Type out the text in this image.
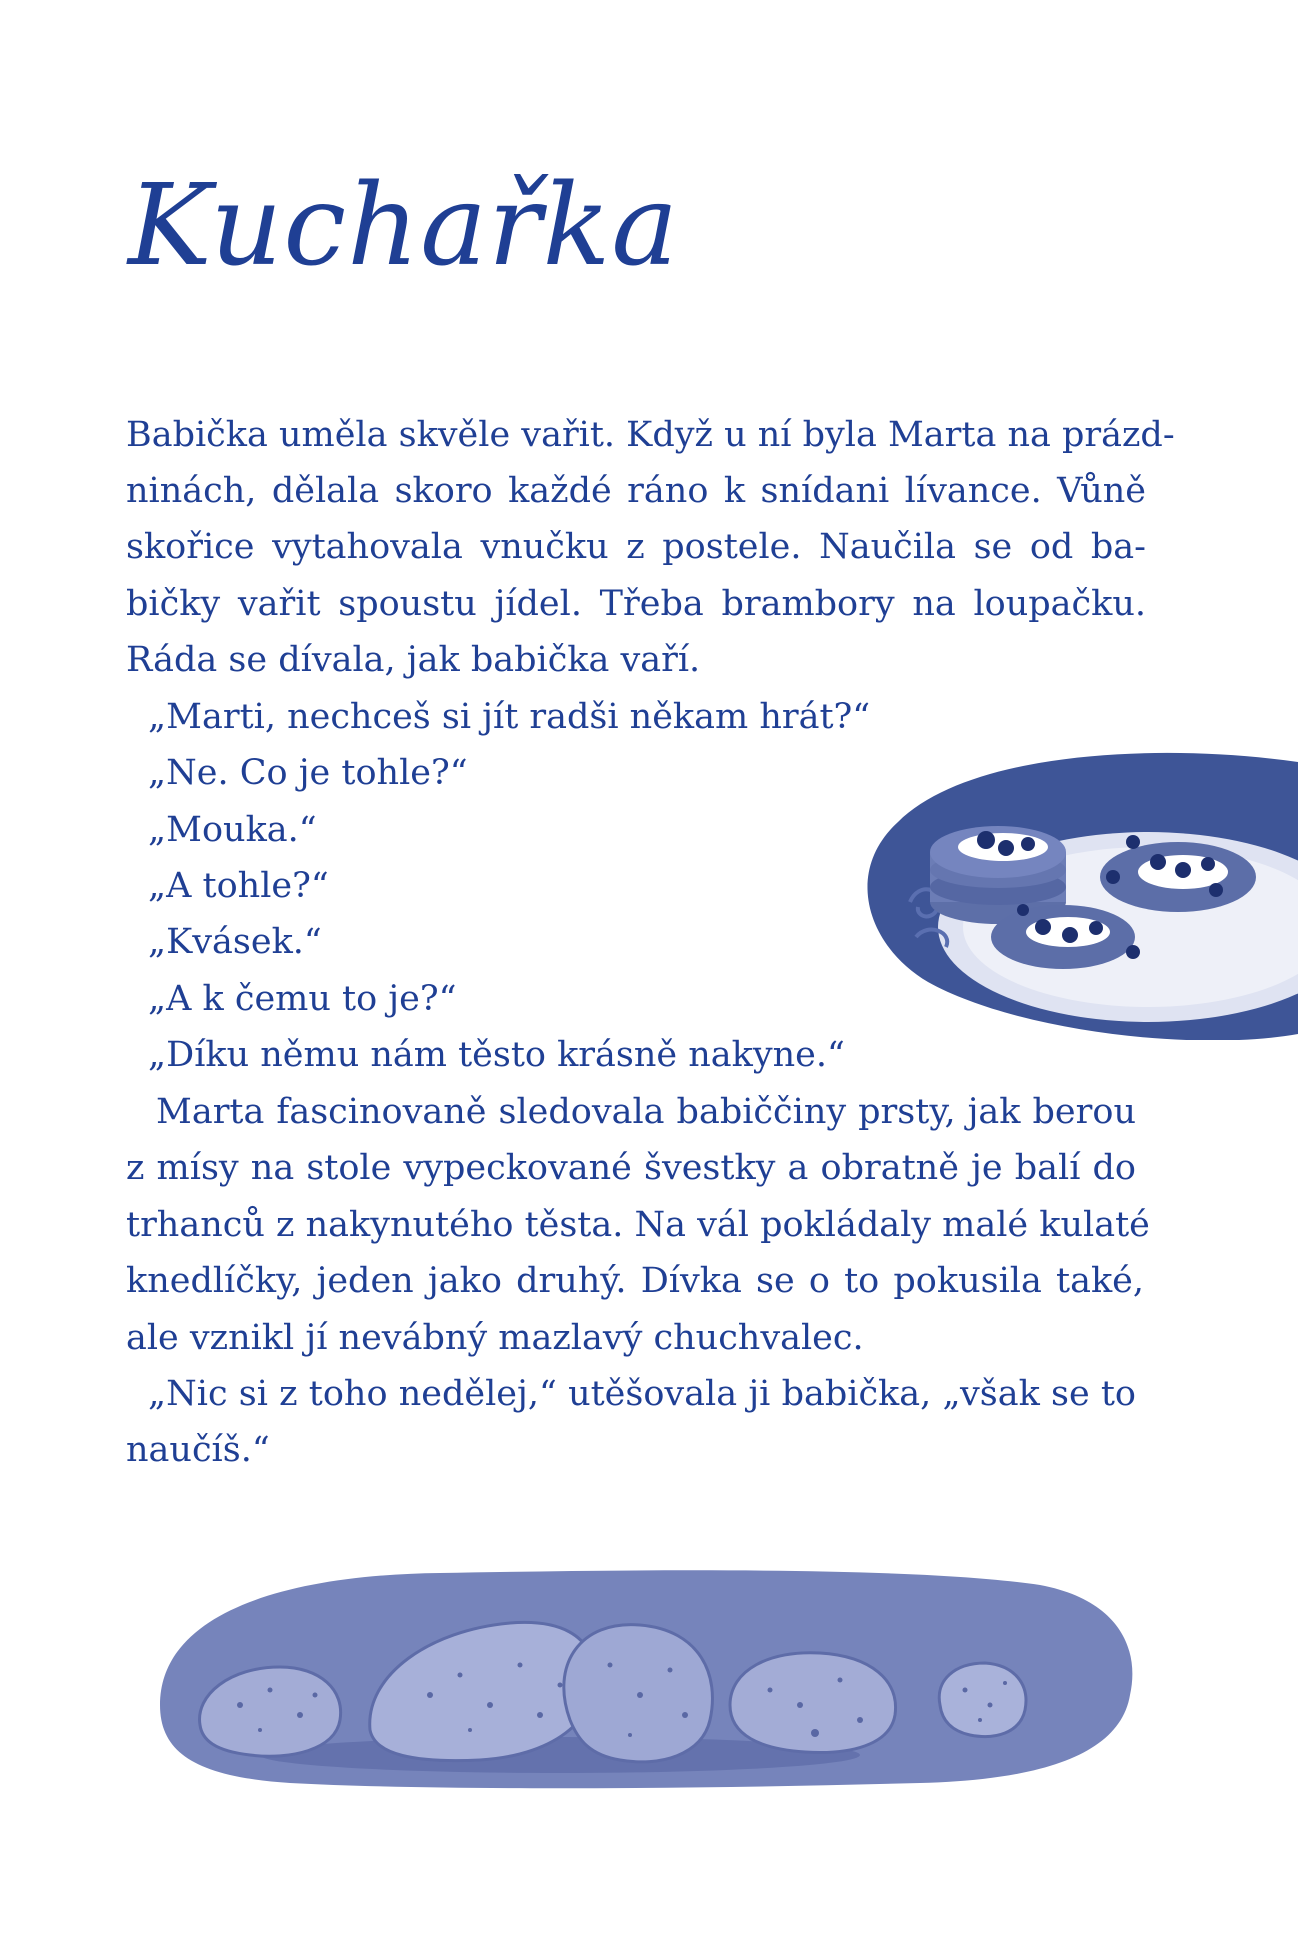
Kuchařka

Babička uměla skvěle vařit. Když u ní byla Marta na prázd-

ninách, dělala skoro každé ráno k snídani lívance. Vůně

skořice vytahovala vnučku z postele. Naučila se od ba-

bičky vařit spoustu jídel. Třeba brambory na loupačku.

Ráda se dívala, jak babička vaří.

„Marti, nechceš si jít radši někam hrát?“

„Ne. Co je tohle?“

„Mouka.“

„A tohle?“

„Kvásek.“

„A k čemu to je?“

„Díku němu nám těsto krásně nakyne.“

Marta fascinovaně sledovala babiččiny prsty, jak berou

z mísy na stole vypeckované švestky a obratně je balí do

trhanců z nakynutého těsta. Na vál pokládaly malé kulaté

knedlíčky, jeden jako druhý. Dívka se o to pokusila také,

ale vznikl jí nevábný mazlavý chuchvalec.

„Nic si z toho nedělej,“ utěšovala ji babička, „však se to

naučíš.“
